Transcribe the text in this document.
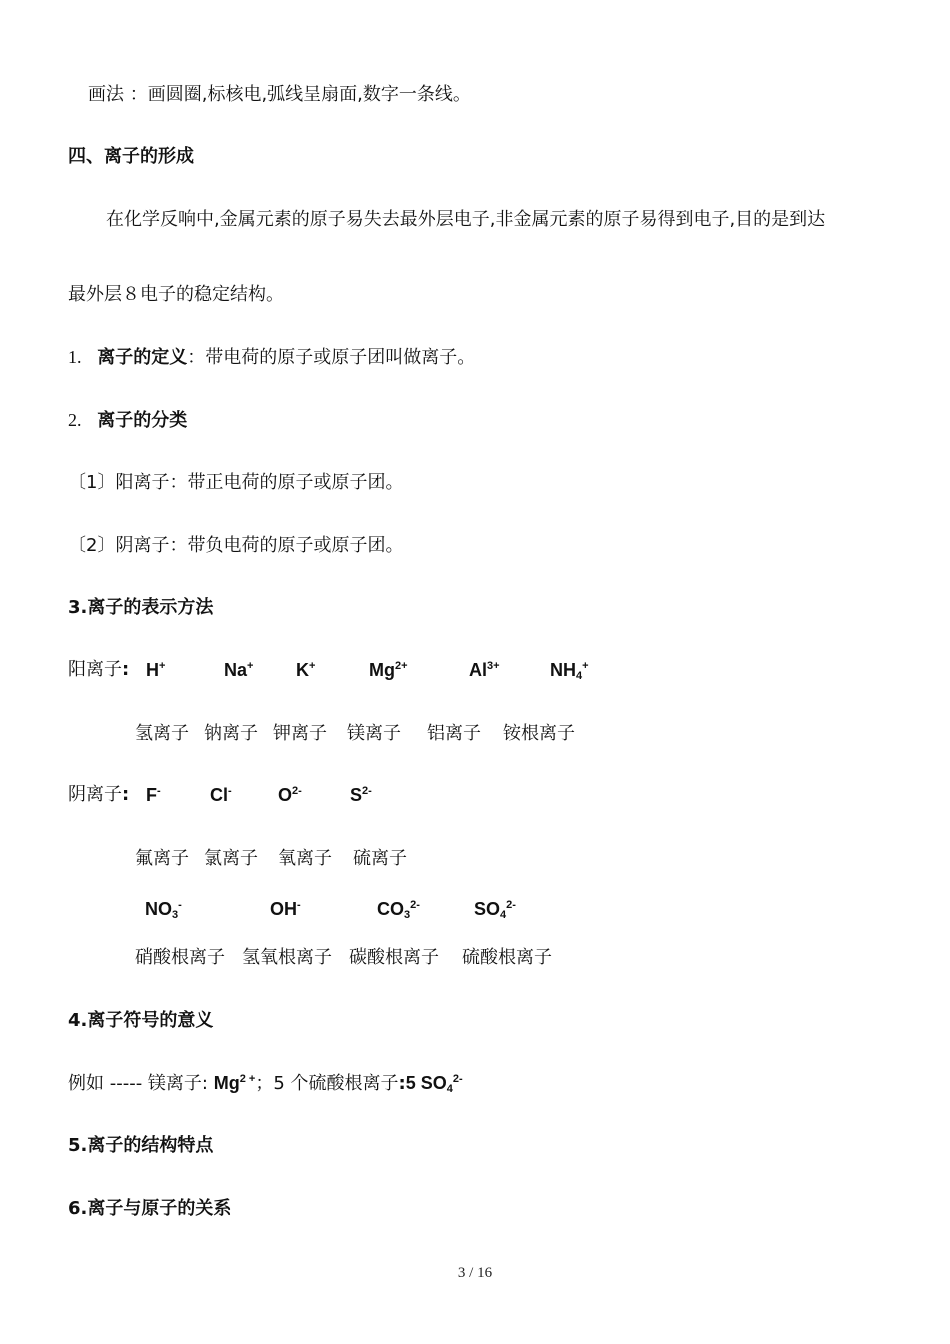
画法 ：画圆圈,标核电,弧线呈扇面,数字一条线。
四、离子的形成
在化学反响中,金属元素的原子易失去最外层电子,非金属元素的原子易得到电子,目的是到达
最外层８电子的稳定结构。
1. 离子的定义：带电荷的原子或原子团叫做离子。
2. 离子的分类
〔1〕阳离子：带正电荷的原子或原子团。
〔2〕阴离子：带负电荷的原子或原子团。
3.离子的表示方法
阳离子: H+	Na+ K+	$Mg^{2+}$	$Al^{3+}$	$NH_4^+$
氢离子 钠离子 钾离子 镁离子 铝离子 铵根离子
阴离子: F-	Cl-	$O^{2-}$	$S^{2-}$
氟离子 氯离子 氧离子 硫离子
$NO_3^-$	OH-	$CO_3^{2-}$	$SO_4^{2-}$
硝酸根离子 氢氧根离子 碳酸根离子 硫酸根离子
4.离子符号的意义
例如 ----- 镁离子: $Mg^{2 +}$；5 个硫酸根离子:5 $SO_4^{2-}$
5.离子的结构特点
6.离子与原子的关系
3 / 16
